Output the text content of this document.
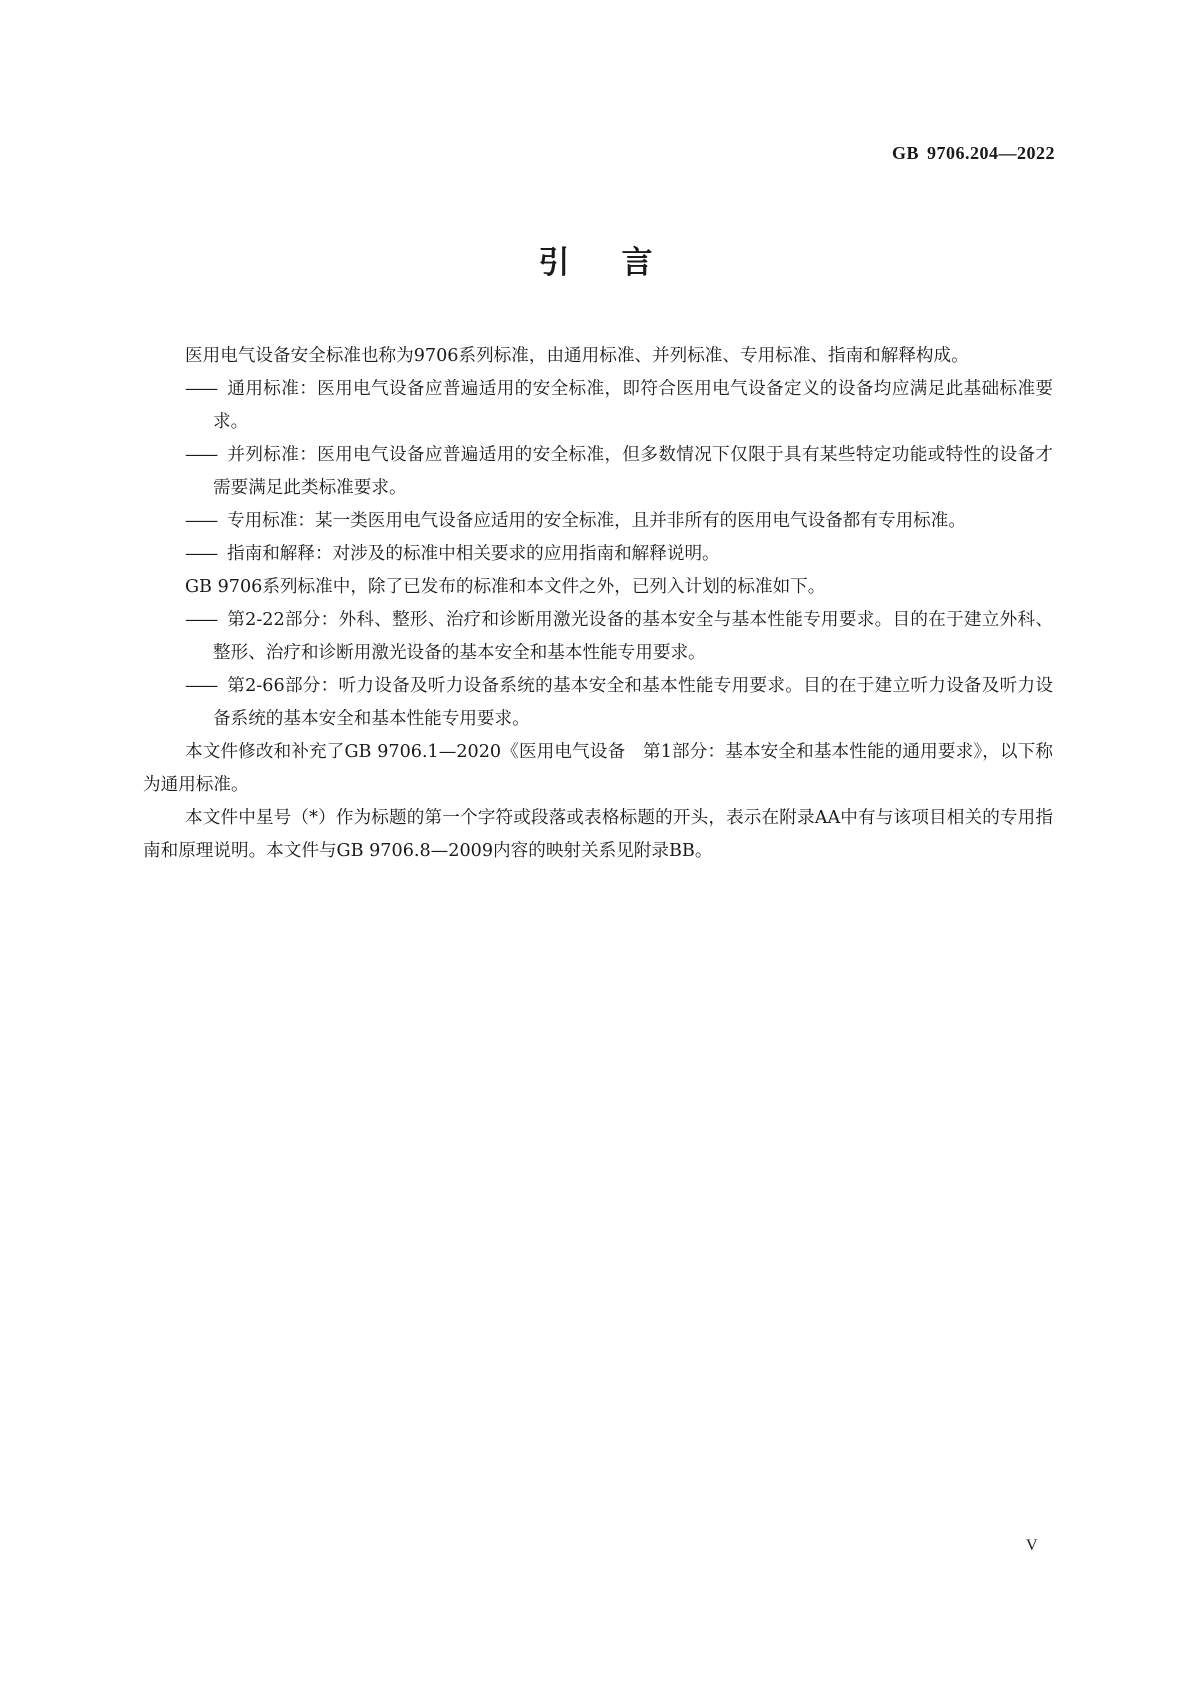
GB 9706.204—2022
引言

医用电气设备安全标准也称为9706系列标准，由通用标准、并列标准、专用标准、指南和解释构成。

—— 通用标准：医用电气设备应普遍适用的安全标准，即符合医用电气设备定义的设备均应满足此基础标准要求。

—— 并列标准：医用电气设备应普遍适用的安全标准，但多数情况下仅限于具有某些特定功能或特性的设备才需要满足此类标准要求。

—— 专用标准：某一类医用电气设备应适用的安全标准，且并非所有的医用电气设备都有专用标准。

—— 指南和解释：对涉及的标准中相关要求的应用指南和解释说明。

GB 9706系列标准中，除了已发布的标准和本文件之外，已列入计划的标准如下。

—— 第2-22部分：外科、整形、治疗和诊断用激光设备的基本安全与基本性能专用要求。目的在于建立外科、整形、治疗和诊断用激光设备的基本安全和基本性能专用要求。

—— 第2-66部分：听力设备及听力设备系统的基本安全和基本性能专用要求。目的在于建立听力设备及听力设备系统的基本安全和基本性能专用要求。

本文件修改和补充了GB 9706.1—2020《医用电气设备　第1部分：基本安全和基本性能的通用要求》，以下称为通用标准。

本文件中星号（*）作为标题的第一个字符或段落或表格标题的开头，表示在附录AA中有与该项目相关的专用指南和原理说明。本文件与GB 9706.8—2009内容的映射关系见附录BB。

V
